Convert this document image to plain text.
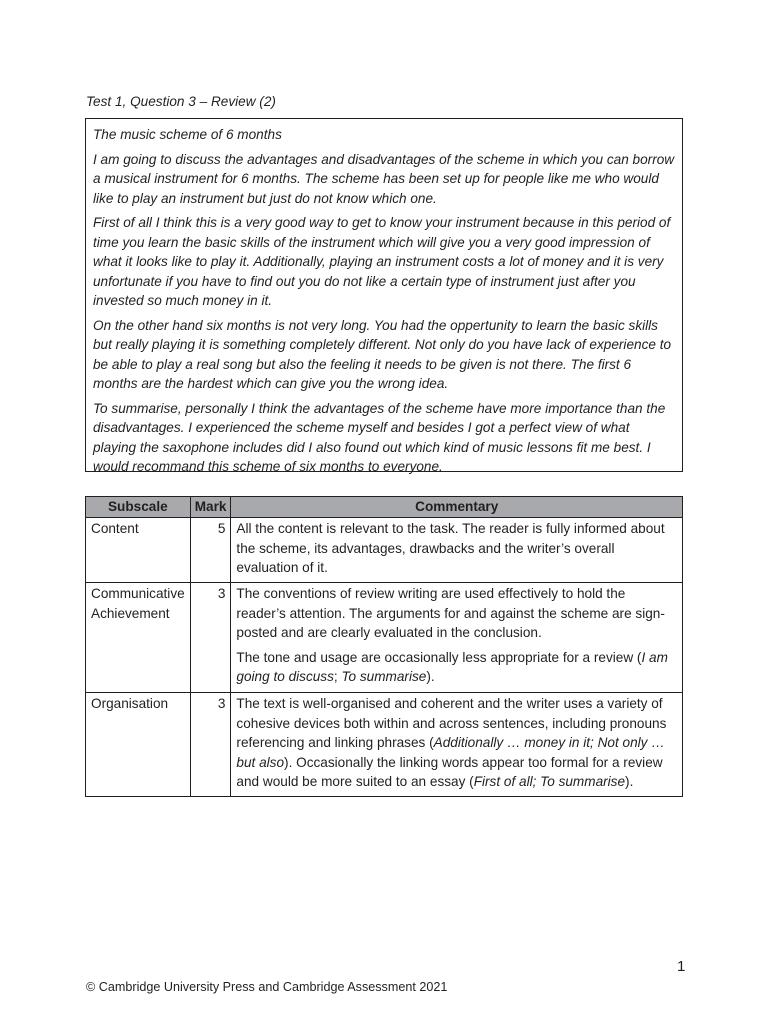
Test 1, Question 3 – Review (2)

The music scheme of 6 months

I am going to discuss the advantages and disadvantages of the scheme in which you can borrow a musical instrument for 6 months. The scheme has been set up for people like me who would like to play an instrument but just do not know which one.

First of all I think this is a very good way to get to know your instrument because in this period of time you learn the basic skills of the instrument which will give you a very good impression of what it looks like to play it. Additionally, playing an instrument costs a lot of money and it is very unfortunate if you have to find out you do not like a certain type of instrument just after you invested so much money in it.

On the other hand six months is not very long. You had the oppertunity to learn the basic skills but really playing it is something completely different. Not only do you have lack of experience to be able to play a real song but also the feeling it needs to be given is not there. The first 6 months are the hardest which can give you the wrong idea.

To summarise, personally I think the advantages of the scheme have more importance than the disadvantages. I experienced the scheme myself and besides I got a perfect view of what playing the saxophone includes did I also found out which kind of music lessons fit me best. I would recommand this scheme of six months to everyone.

Subscale	Mark	Commentary
Content	5	All the content is relevant to the task. The reader is fully informed about the scheme, its advantages, drawbacks and the writer’s overall evaluation of it.

Communicative Achievement	3	The conventions of review writing are used effectively to hold the reader’s attention. The arguments for and against the scheme are sign-posted and are clearly evaluated in the conclusion.

The tone and usage are occasionally less appropriate for a review (I am going to discuss; To summarise).

Organisation	3	The text is well-organised and coherent and the writer uses a variety of cohesive devices both within and across sentences, including pronouns referencing and linking phrases (Additionally … money in it; Not only … but also). Occasionally the linking words appear too formal for a review and would be more suited to an essay (First of all; To summarise).

1
© Cambridge University Press and Cambridge Assessment 2021
